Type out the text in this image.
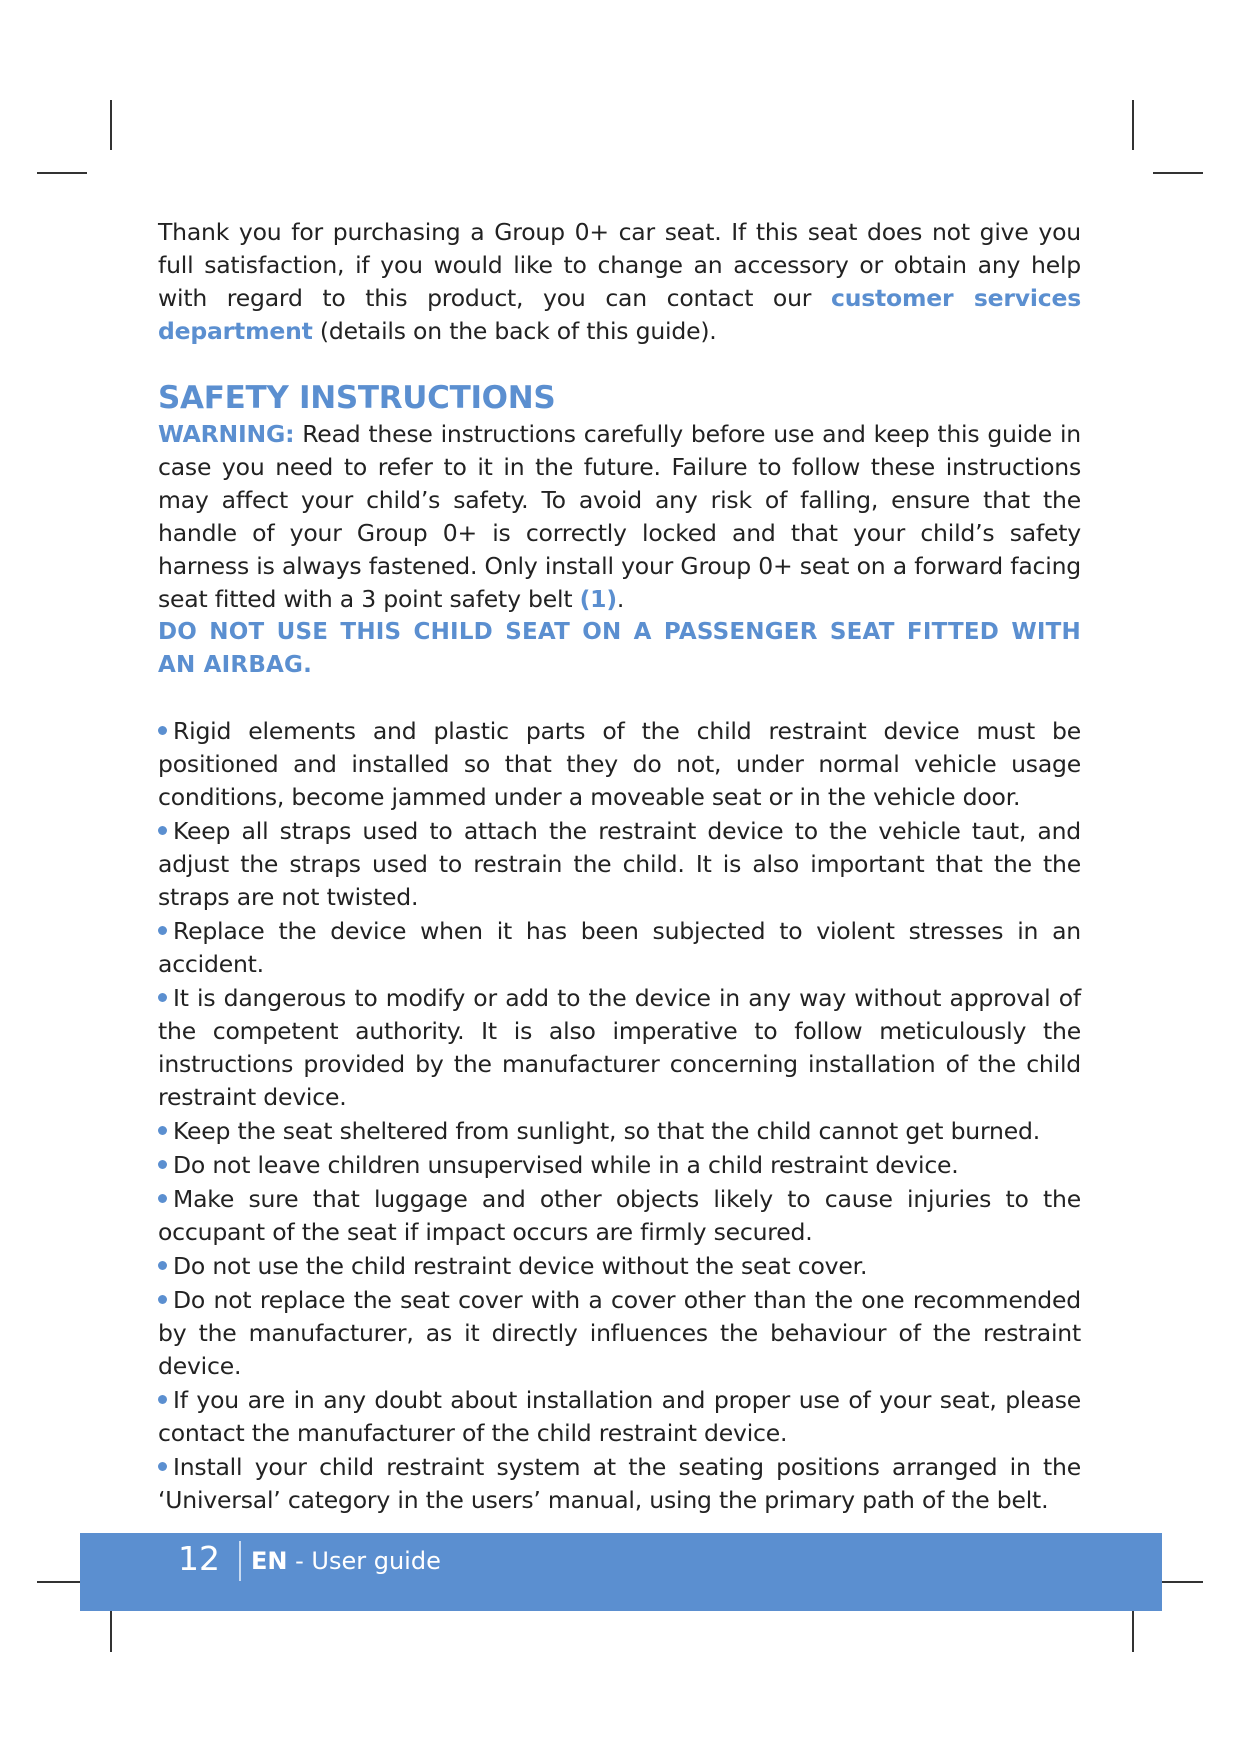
Thank you for purchasing a Group 0+ car seat. If this seat does not give you full satisfaction, if you would like to change an accessory or obtain any help with regard to this product, you can contact our customer services department (details on the back of this guide).

SAFETY INSTRUCTIONS

WARNING: Read these instructions carefully before use and keep this guide in case you need to refer to it in the future. Failure to follow these instructions may affect your child’s safety. To avoid any risk of falling, ensure that the handle of your Group 0+ is correctly locked and that your child’s safety harness is always fastened. Only install your Group 0+ seat on a forward facing seat fitted with a 3 point safety belt (1).

DO NOT USE THIS CHILD SEAT ON A PASSENGER SEAT FITTED WITH AN AIRBAG.

Rigid elements and plastic parts of the child restraint device must be positioned and installed so that they do not, under normal vehicle usage conditions, become jammed under a moveable seat or in the vehicle door.
Keep all straps used to attach the restraint device to the vehicle taut, and adjust the straps used to restrain the child. It is also important that the the straps are not twisted.
Replace the device when it has been subjected to violent stresses in an accident.
It is dangerous to modify or add to the device in any way without approval of the competent authority. It is also imperative to follow meticulously the instructions provided by the manufacturer concerning installation of the child restraint device.
Keep the seat sheltered from sunlight, so that the child cannot get burned.
Do not leave children unsupervised while in a child restraint device.
Make sure that luggage and other objects likely to cause injuries to the occupant of the seat if impact occurs are firmly secured.
Do not use the child restraint device without the seat cover.
Do not replace the seat cover with a cover other than the one recommended by the manufacturer, as it directly influences the behaviour of the restraint device.
If you are in any doubt about installation and proper use of your seat, please contact the manufacturer of the child restraint device.
Install your child restraint system at the seating positions arranged in the ‘Universal’ category in the users’ manual, using the primary path of the belt.
12 EN - User guide
